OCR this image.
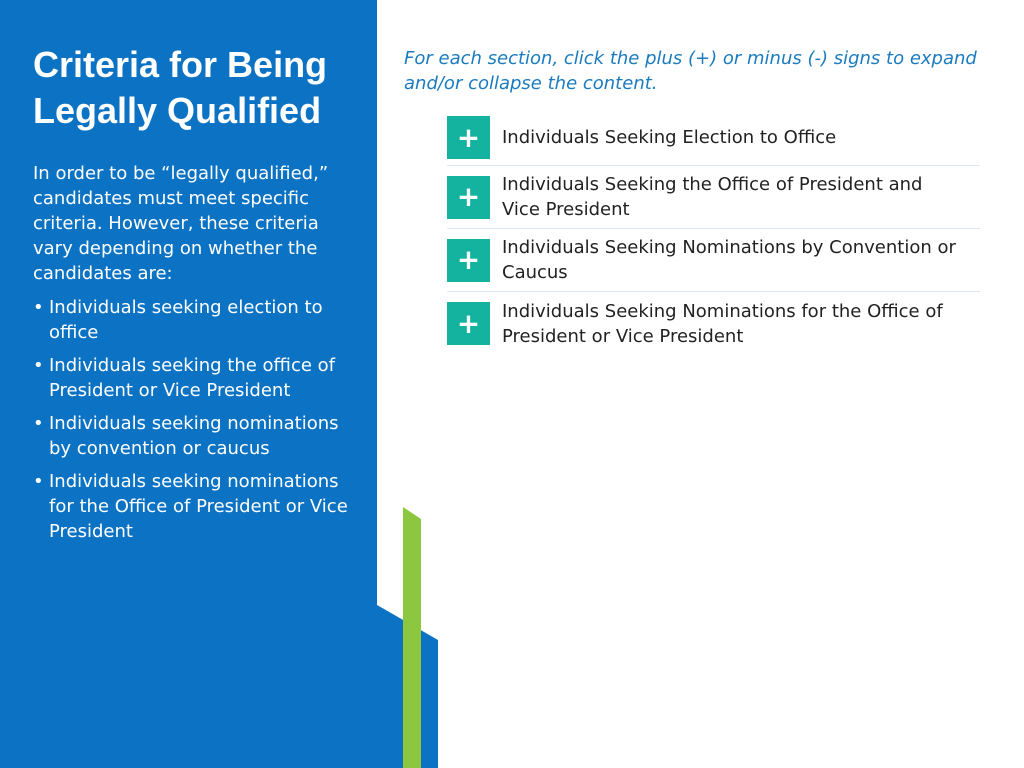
Criteria for Being Legally Qualified

In order to be “legally qualified,” candidates must meet specific criteria. However, these criteria vary depending on whether the candidates are:

• Individuals seeking election to office
• Individuals seeking the office of President or Vice President
• Individuals seeking nominations by convention or caucus
• Individuals seeking nominations for the Office of President or Vice President

For each section, click the plus (+) or minus (-) signs to expand and/or collapse the content.

+	Individuals Seeking Election to Office
+	Individuals Seeking the Office of President and Vice President
+	Individuals Seeking Nominations by Convention or Caucus
+	Individuals Seeking Nominations for the Office of President or Vice President
